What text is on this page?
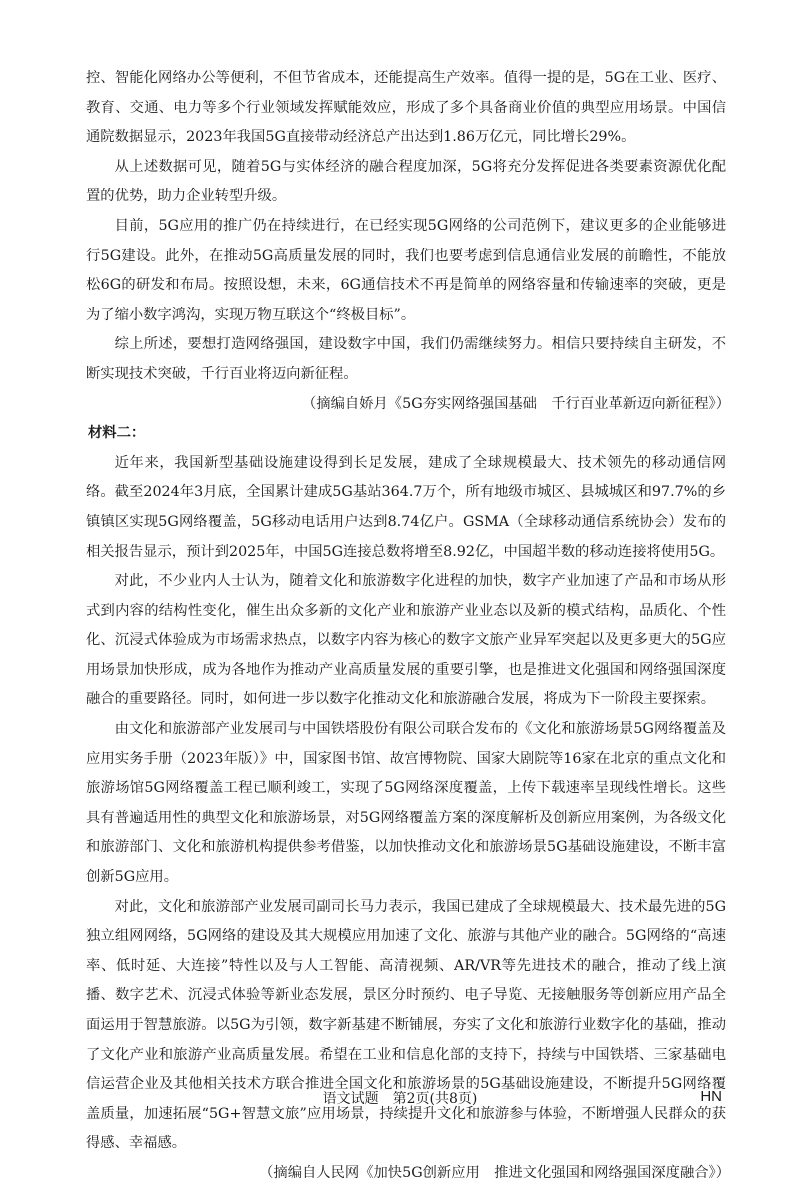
控、智能化网络办公等便利，不但节省成本，还能提高生产效率。值得一提的是，5G在工业、医疗、教育、交通、电力等多个行业领域发挥赋能效应，形成了多个具备商业价值的典型应用场景。中国信通院数据显示，2023年我国5G直接带动经济总产出达到1.86万亿元，同比增长29%。

从上述数据可见，随着5G与实体经济的融合程度加深，5G将充分发挥促进各类要素资源优化配置的优势，助力企业转型升级。

目前，5G应用的推广仍在持续进行，在已经实现5G网络的公司范例下，建议更多的企业能够进行5G建设。此外，在推动5G高质量发展的同时，我们也要考虑到信息通信业发展的前瞻性，不能放松6G的研发和布局。按照设想，未来，6G通信技术不再是简单的网络容量和传输速率的突破，更是为了缩小数字鸿沟，实现万物互联这个“终极目标”。

综上所述，要想打造网络强国，建设数字中国，我们仍需继续努力。相信只要持续自主研发，不断实现技术突破，千行百业将迈向新征程。

（摘编自娇月《5G夯实网络强国基础　千行百业革新迈向新征程》）

材料二：

近年来，我国新型基础设施建设得到长足发展，建成了全球规模最大、技术领先的移动通信网络。截至2024年3月底，全国累计建成5G基站364.7万个，所有地级市城区、县城城区和97.7%的乡镇镇区实现5G网络覆盖，5G移动电话用户达到8.74亿户。GSMA（全球移动通信系统协会）发布的相关报告显示，预计到2025年，中国5G连接总数将增至8.92亿，中国超半数的移动连接将使用5G。

对此，不少业内人士认为，随着文化和旅游数字化进程的加快，数字产业加速了产品和市场从形式到内容的结构性变化，催生出众多新的文化产业和旅游产业业态以及新的模式结构，品质化、个性化、沉浸式体验成为市场需求热点，以数字内容为核心的数字文旅产业异军突起以及更多更大的5G应用场景加快形成，成为各地作为推动产业高质量发展的重要引擎，也是推进文化强国和网络强国深度融合的重要路径。同时，如何进一步以数字化推动文化和旅游融合发展，将成为下一阶段主要探索。

由文化和旅游部产业发展司与中国铁塔股份有限公司联合发布的《文化和旅游场景5G网络覆盖及应用实务手册（2023年版）》中，国家图书馆、故宫博物院、国家大剧院等16家在北京的重点文化和旅游场馆5G网络覆盖工程已顺利竣工，实现了5G网络深度覆盖，上传下载速率呈现线性增长。这些具有普遍适用性的典型文化和旅游场景，对5G网络覆盖方案的深度解析及创新应用案例，为各级文化和旅游部门、文化和旅游机构提供参考借鉴，以加快推动文化和旅游场景5G基础设施建设，不断丰富创新5G应用。

对此，文化和旅游部产业发展司副司长马力表示，我国已建成了全球规模最大、技术最先进的5G独立组网网络，5G网络的建设及其大规模应用加速了文化、旅游与其他产业的融合。5G网络的“高速率、低时延、大连接”特性以及与人工智能、高清视频、AR/VR等先进技术的融合，推动了线上演播、数字艺术、沉浸式体验等新业态发展，景区分时预约、电子导览、无接触服务等创新应用产品全面运用于智慧旅游。以5G为引领，数字新基建不断铺展，夯实了文化和旅游行业数字化的基础，推动了文化产业和旅游产业高质量发展。希望在工业和信息化部的支持下，持续与中国铁塔、三家基础电信运营企业及其他相关技术方联合推进全国文化和旅游场景的5G基础设施建设，不断提升5G网络覆盖质量，加速拓展“5G+智慧文旅”应用场景，持续提升文化和旅游参与体验，不断增强人民群众的获得感、幸福感。

（摘编自人民网《加快5G创新应用　推进文化强国和网络强国深度融合》）

语文试题　第2页(共8页)	HN
